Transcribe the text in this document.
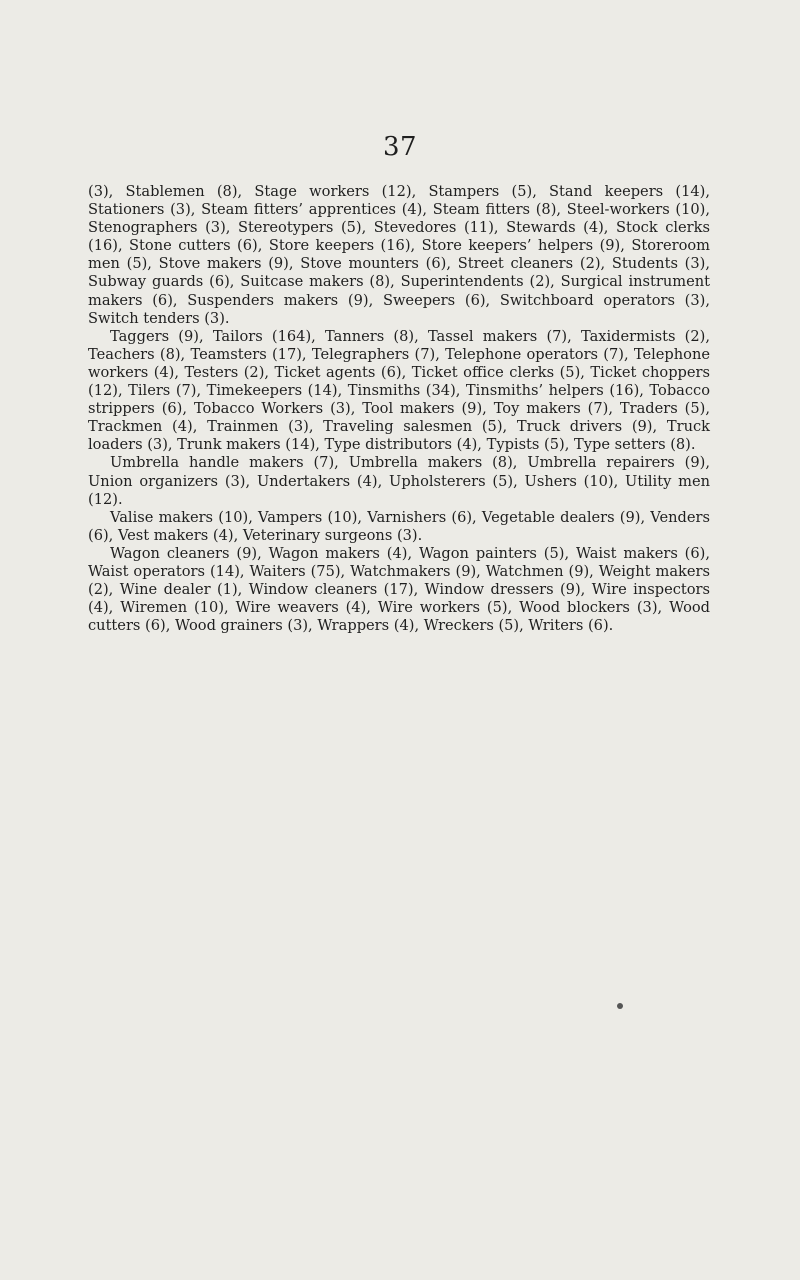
37

(3), Stablemen (8), Stage workers (12), Stampers (5), Stand keepers (14), Stationers (3), Steam fitters’ apprentices (4), Steam fitters (8), Steel-workers (10), Stenographers (3), Stereotypers (5), Stevedores (11), Stewards (4), Stock clerks (16), Stone cutters (6), Store keepers (16), Store keepers’ helpers (9), Storeroom men (5), Stove makers (9), Stove mounters (6), Street cleaners (2), Students (3), Subway guards (6), Suitcase makers (8), Superintendents (2), Surgical instrument makers (6), Suspenders makers (9), Sweepers (6), Switchboard operators (3), Switch tenders (3).

Taggers (9), Tailors (164), Tanners (8), Tassel makers (7), Taxidermists (2), Teachers (8), Teamsters (17), Telegraphers (7), Telephone operators (7), Telephone workers (4), Testers (2), Ticket agents (6), Ticket office clerks (5), Ticket choppers (12), Tilers (7), Timekeepers (14), Tinsmiths (34), Tinsmiths’ helpers (16), Tobacco strippers (6), Tobacco Workers (3), Tool makers (9), Toy makers (7), Traders (5), Trackmen (4), Trainmen (3), Traveling salesmen (5), Truck drivers (9), Truck loaders (3), Trunk makers (14), Type distributors (4), Typists (5), Type setters (8).

Umbrella handle makers (7), Umbrella makers (8), Umbrella repairers (9), Union organizers (3), Undertakers (4), Upholsterers (5), Ushers (10), Utility men (12).

Valise makers (10), Vampers (10), Varnishers (6), Vegetable dealers (9), Venders (6), Vest makers (4), Veterinary surgeons (3).

Wagon cleaners (9), Wagon makers (4), Wagon painters (5), Waist makers (6), Waist operators (14), Waiters (75), Watchmakers (9), Watchmen (9), Weight makers (2), Wine dealer (1), Window cleaners (17), Window dressers (9), Wire inspectors (4), Wiremen (10), Wire weavers (4), Wire workers (5), Wood blockers (3), Wood cutters (6), Wood grainers (3), Wrappers (4), Wreckers (5), Writers (6).
